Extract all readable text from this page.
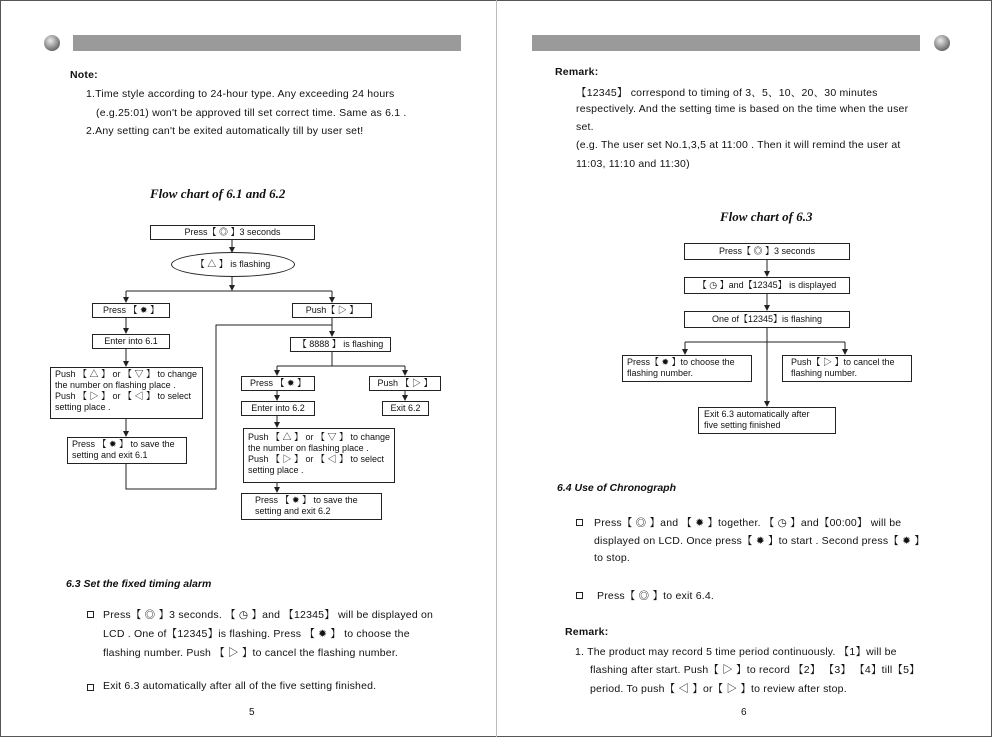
Note:
1.Time style according to 24-hour type. Any exceeding 24 hours
(e.g.25:01) won't be approved till set correct time. Same as 6.1 .
2.Any setting can't be exited automatically till by user set!
Flow chart of 6.1 and 6.2
Press【 ◎ 】3 seconds
【 △ 】 is flashing
Press 【 ✹ 】
Enter into 6.1
Push 【 △ 】 or 【 ▽ 】 to change
the number on flashing place .
Push 【 ▷ 】 or 【 ◁ 】 to select
setting place .
Press 【 ✹ 】 to save the
setting and exit 6.1
Push【 ▷ 】
【 8888 】 is flashing
Press 【 ✹ 】	Push 【 ▷ 】
Enter into 6.2	Exit 6.2
Push 【 △ 】 or 【 ▽ 】 to change
the number on flashing place .
Push 【 ▷ 】 or 【 ◁ 】 to select
setting place .
Press 【 ✹ 】 to save the
setting and exit 6.2
6.3 Set the fixed timing alarm
Press【 ◎ 】3 seconds. 【 ◷ 】and 【12345】 will be displayed on
LCD . One of【12345】is flashing. Press 【 ✹ 】 to choose the
flashing number. Push 【 ▷ 】to cancel the flashing number.
Exit 6.3 automatically after all of the five setting finished.
5
Remark:
【12345】 correspond to timing of 3、5、10、20、30 minutes
respectively. And the setting time is based on the time when the user
set.
(e.g. The user set No.1,3,5 at 11:00 . Then it will remind the user at
11:03, 11:10 and 11:30)
Flow chart of 6.3
Press【 ◎ 】3 seconds
【 ◷ 】and【12345】 is displayed
One of【12345】is flashing
Press【 ✹ 】to choose the
flashing number.
Push【 ▷ 】to cancel the
flashing number.
Exit 6.3 automatically after
five setting finished
6.4 Use of Chronograph
Press【 ◎ 】and 【 ✹ 】together. 【 ◷ 】and【00:00】 will be
displayed on LCD. Once press【 ✹ 】to start . Second press【 ✹ 】
to stop.
Press【 ◎ 】to exit 6.4.
Remark:
1. The product may record 5 time period continuously. 【1】will be
flashing after start. Push【 ▷ 】to record 【2】 【3】 【4】till【5】
period. To push【 ◁ 】or【 ▷ 】to review after stop.
6
